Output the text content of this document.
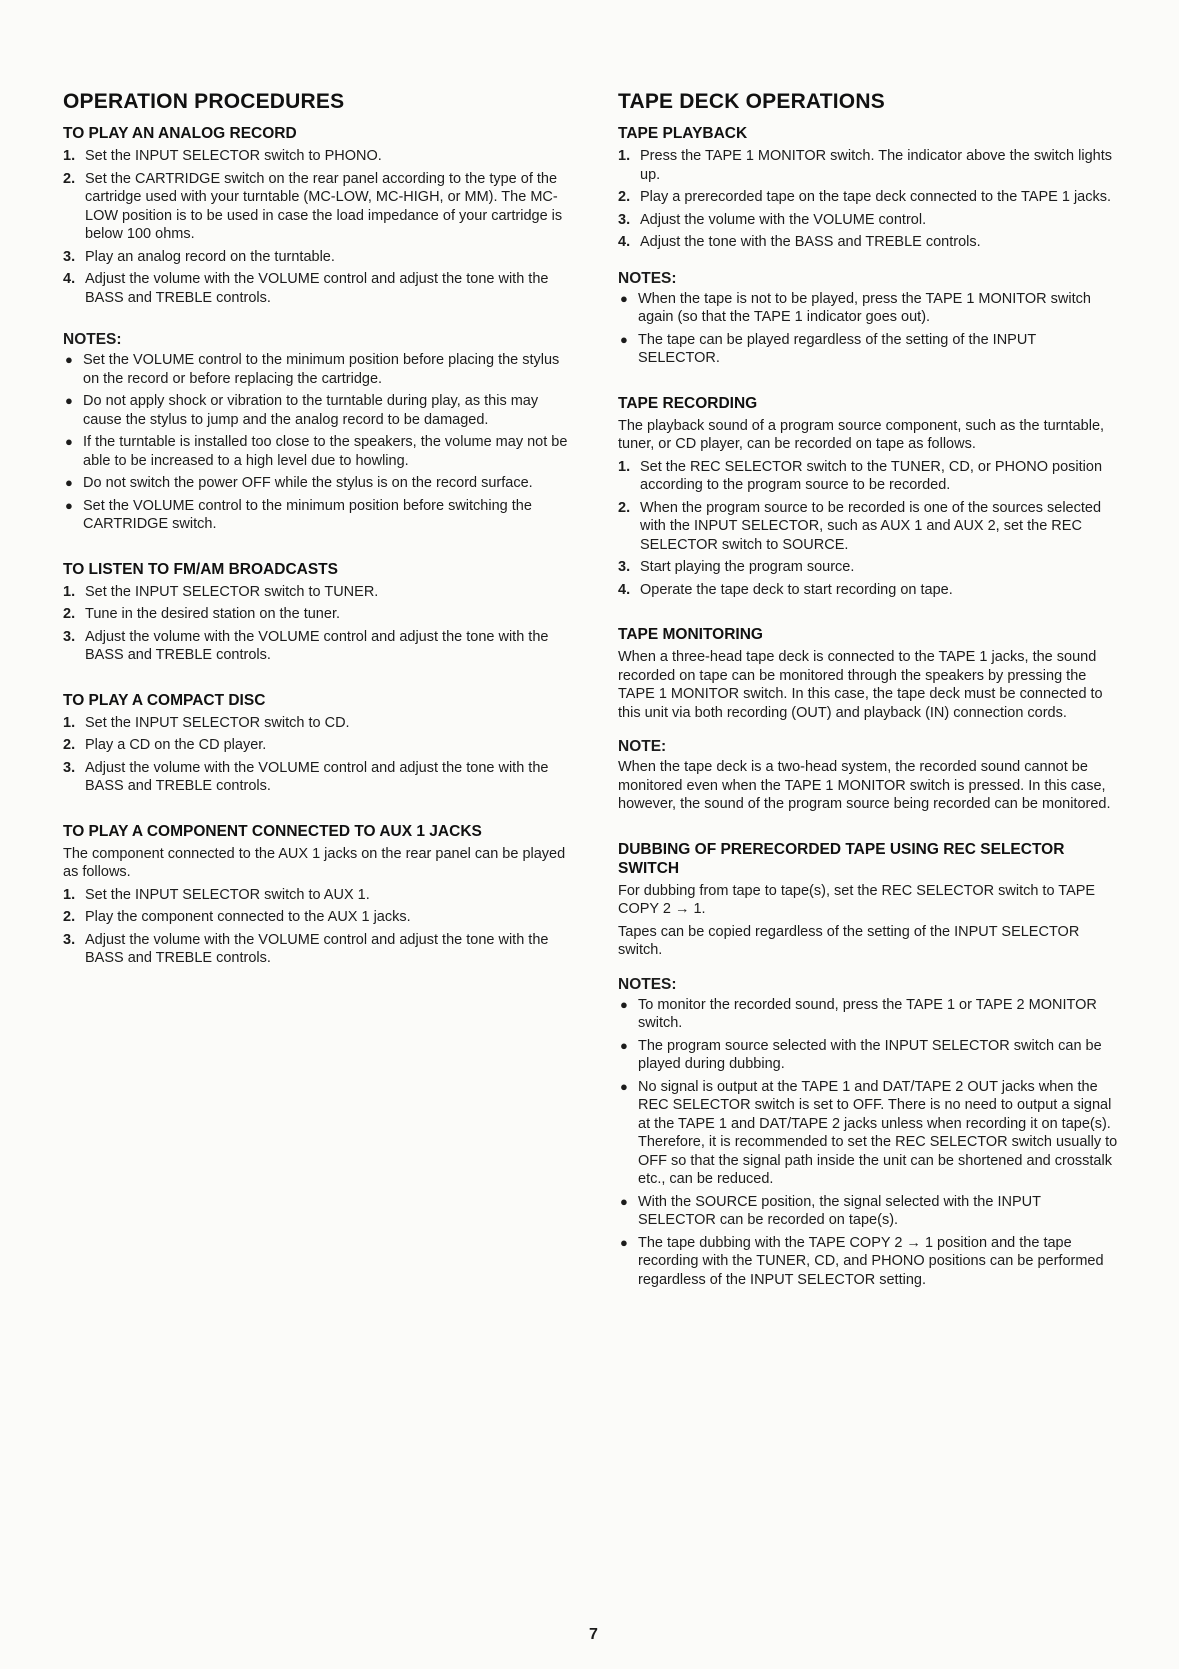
OPERATION PROCEDURES
TO PLAY AN ANALOG RECORD
1. Set the INPUT SELECTOR switch to PHONO.
2. Set the CARTRIDGE switch on the rear panel according to the type of the cartridge used with your turntable (MC-LOW, MC-HIGH, or MM). The MC-LOW position is to be used in case the load impedance of your cartridge is below 100 ohms.
3. Play an analog record on the turntable.
4. Adjust the volume with the VOLUME control and adjust the tone with the BASS and TREBLE controls.
NOTES:
● Set the VOLUME control to the minimum position before placing the stylus on the record or before replacing the cartridge.
● Do not apply shock or vibration to the turntable during play, as this may cause the stylus to jump and the analog record to be damaged.
● If the turntable is installed too close to the speakers, the volume may not be able to be increased to a high level due to howling.
● Do not switch the power OFF while the stylus is on the record surface.
● Set the VOLUME control to the minimum position before switching the CARTRIDGE switch.
TO LISTEN TO FM/AM BROADCASTS
1. Set the INPUT SELECTOR switch to TUNER.
2. Tune in the desired station on the tuner.
3. Adjust the volume with the VOLUME control and adjust the tone with the BASS and TREBLE controls.
TO PLAY A COMPACT DISC
1. Set the INPUT SELECTOR switch to CD.
2. Play a CD on the CD player.
3. Adjust the volume with the VOLUME control and adjust the tone with the BASS and TREBLE controls.
TO PLAY A COMPONENT CONNECTED TO AUX 1 JACKS

The component connected to the AUX 1 jacks on the rear panel can be played as follows.

1. Set the INPUT SELECTOR switch to AUX 1.
2. Play the component connected to the AUX 1 jacks.
3. Adjust the volume with the VOLUME control and adjust the tone with the BASS and TREBLE controls.
TAPE DECK OPERATIONS
TAPE PLAYBACK
1. Press the TAPE 1 MONITOR switch. The indicator above the switch lights up.
2. Play a prerecorded tape on the tape deck connected to the TAPE 1 jacks.
3. Adjust the volume with the VOLUME control.
4. Adjust the tone with the BASS and TREBLE controls.
NOTES:
● When the tape is not to be played, press the TAPE 1 MONITOR switch again (so that the TAPE 1 indicator goes out).
● The tape can be played regardless of the setting of the INPUT SELECTOR.
TAPE RECORDING

The playback sound of a program source component, such as the turntable, tuner, or CD player, can be recorded on tape as follows.

1. Set the REC SELECTOR switch to the TUNER, CD, or PHONO position according to the program source to be recorded.
2. When the program source to be recorded is one of the sources selected with the INPUT SELECTOR, such as AUX 1 and AUX 2, set the REC SELECTOR switch to SOURCE.
3. Start playing the program source.
4. Operate the tape deck to start recording on tape.
TAPE MONITORING

When a three-head tape deck is connected to the TAPE 1 jacks, the sound recorded on tape can be monitored through the speakers by pressing the TAPE 1 MONITOR switch. In this case, the tape deck must be connected to this unit via both recording (OUT) and playback (IN) connection cords.

NOTE:

When the tape deck is a two-head system, the recorded sound cannot be monitored even when the TAPE 1 MONITOR switch is pressed. In this case, however, the sound of the program source being recorded can be monitored.

DUBBING OF PRERECORDED TAPE USING REC SELECTOR SWITCH

For dubbing from tape to tape(s), set the REC SELECTOR switch to TAPE COPY 2 → 1.

Tapes can be copied regardless of the setting of the INPUT SELECTOR switch.

NOTES:
● To monitor the recorded sound, press the TAPE 1 or TAPE 2 MONITOR switch.
● The program source selected with the INPUT SELECTOR switch can be played during dubbing.
● No signal is output at the TAPE 1 and DAT/TAPE 2 OUT jacks when the REC SELECTOR switch is set to OFF. There is no need to output a signal at the TAPE 1 and DAT/TAPE 2 jacks unless when recording it on tape(s). Therefore, it is recommended to set the REC SELECTOR switch usually to OFF so that the signal path inside the unit can be shortened and crosstalk etc., can be reduced.
● With the SOURCE position, the signal selected with the INPUT SELECTOR can be recorded on tape(s).
● The tape dubbing with the TAPE COPY 2 → 1 position and the tape recording with the TUNER, CD, and PHONO positions can be performed regardless of the INPUT SELECTOR setting.
7
